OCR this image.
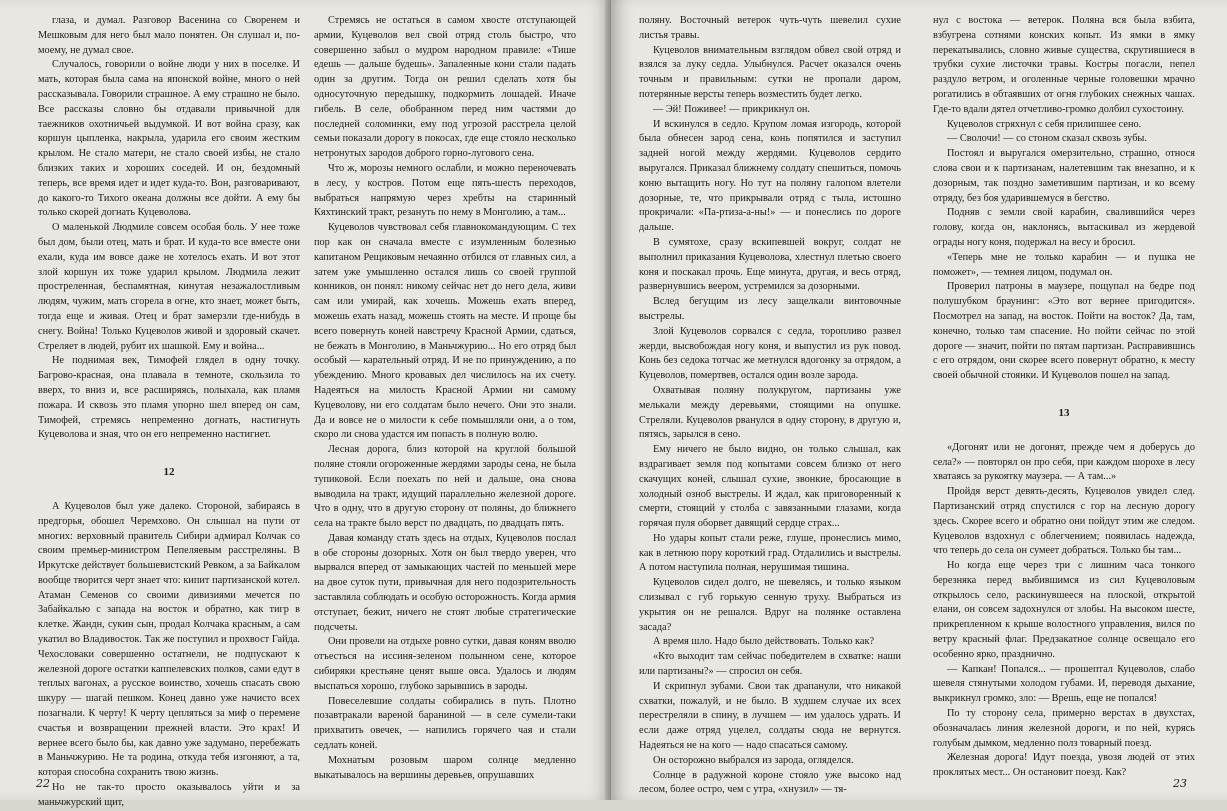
глаза, и думал. Разговор Васенина со Своренем и Мешковым для него был мало понятен. Он слушал и, по-моему, не думал свое.

Случалось, говорили о войне люди у них в поселке. И мать, которая была сама на японской войне, много о ней рассказывала. Говорили страшное. А ему страшно не было. Все рассказы словно бы отдавали привычной для таежников охотничьей выдумкой. И вот война сразу, как коршун цыпленка, накрыла, ударила его своим жестким крылом. Не стало матери, не стало своей избы, не стало близких таких и хороших соседей. И он, бездомный теперь, все время идет и идет куда-то. Вон, разговаривают, до какого-то Тихого океана должны все дойти. А ему бы только скорей догнать Куцеволова.

О маленькой Людмиле совсем особая боль. У нее тоже был дом, были отец, мать и брат. И куда-то все вместе они ехали, куда им вовсе даже не хотелось ехать. И вот этот злой коршун их тоже ударил крылом. Людмила лежит простреленная, беспамятная, кинутая незажалостливым людям, чужим, мать сгорела в огне, кто знает, может быть, тогда еще и живая. Отец и брат замерзли где-нибудь в снегу. Война! Только Куцеволов живой и здоровый скачет. Стреляет в людей, рубит их шашкой. Ему и война...

Не поднимая век, Тимофей глядел в одну точку. Багрово-красная, она плавала в темноте, скользила то вверх, то вниз и, все расширяясь, полыхала, как пламя пожара. И сквозь это пламя упорно шел вперед он сам, Тимофей, стремясь непременно догнать, настигнуть Куцеволова и зная, что он его непременно настигнет.

12

А Куцеволов был уже далеко. Стороной, забираясь в предгорья, обошел Черемхово. Он слышал на пути от многих: верховный правитель Сибири адмирал Колчак со своим премьер-министром Пепеляевым расстреляны. В Иркутске действует большевистский Ревком, а за Байкалом вообще творится черт знает что: кипит партизанской котел. Атаман Семенов со своими дивизиями мечется по Забайкалью с запада на восток и обратно, как тигр в клетке. Жандн, сукин сын, продал Колчака красным, а сам укатил во Владивосток. Так же поступил и прохвост Гайда. Чехословаки совершенно остатнели, не подпускают к железной дороге остатки каппелевских полков, сами едут в теплых вагонах, а русское воинство, хочешь спасать свою шкуру — шагай пешком. Конец давно уже начисто всех позагнали. К черту! К черту цепляться за миф о перемене счастья и возвращении прежней власти. Это крах! И вернее всего было бы, как давно уже задумано, перебежать в Маньчжурию. Не та родина, откуда тебя изгоняют, а та, которая способна сохранить твою жизнь.

Но не так-то просто оказывалось уйти и за маньчжурский щит,

Стремясь не остаться в самом хвосте отступающей армии, Куцеволов вел свой отряд столь быстро, что совершенно забыл о мудром народном правиле: «Тише едешь — дальше будешь». Запаленные кони стали падать один за другим. Тогда он решил сделать хотя бы односуточную передышку, подкормить лошадей. Иначе гибель. В селе, обобранном перед ним частями до последней соломинки, ему под угрозой расстрела целой семьи показали дорогу в покосах, где еще стояло несколько нетронутых зародов доброго горно-лугового сена.

Что ж, морозы немного ослабли, и можно переночевать в лесу, у костров. Потом еще пять-шесть переходов, выбраться напрямую через хребты на старинный Кяхтинский тракт, резануть по нему в Монголию, а там...

Куцеволов чувствовал себя главнокомандующим. С тех пор как он сначала вместе с изумленным болезнью капитаном Рещиковым нечаянно отбился от главных сил, а затем уже умышленно остался лишь со своей группой конников, он понял: никому сейчас нет до него дела, живи сам или умирай, как хочешь. Можешь ехать вперед, можешь ехать назад, можешь стоять на месте. И проще бы всего повернуть коней навстречу Красной Армии, сдаться, не бежать в Монголию, в Маньчжурию... Но его отряд был особый — карательный отряд. И не по принуждению, а по убеждению. Много кровавых дел числилось на их счету. Надеяться на милость Красной Армии ни самому Куцеволову, ни его солдатам было нечего. Они это знали. Да и вовсе не о милости к себе помышляли они, а о том, скоро ли снова удастся им попасть в полную волю.

Лесная дорога, близ которой на круглой большой поляне стояли огороженные жердями зароды сена, не была тупиковой. Если поехать по ней и дальше, она снова выводила на тракт, идущий параллельно железной дороге. Что в одну, что в другую сторону от поляны, до ближнего села на тракте было верст по двадцать, по двадцать пять.

Давая команду стать здесь на отдых, Куцеволов послал в обе стороны дозорных. Хотя он был твердо уверен, что вырвался вперед от замыкающих частей по меньшей мере на двое суток пути, привычная для него подозрительность заставляла соблюдать и особую осторожность. Когда армия отступает, бежит, ничего не стоят любые стратегические подсчеты.

Они провели на отдыхе ровно сутки, давая коням вволю отъесться на иссиня-зеленом полынном сене, которое сибиряки крестьяне ценят выше овса. Удалось и людям выспаться хорошо, глубоко зарывшись в зароды.

Повеселевшие солдаты собирались в путь. Плотно позавтракали вареной бараниной — в селе сумели-таки прихватить овечек, — напились горячего чая и стали седлать коней.

Мохнатым розовым шаром солнце медленно выкатывалось на вершины деревьев, опрушавших

22

поляну. Восточный ветерок чуть-чуть шевелил сухие листья травы.

Куцеволов внимательным взглядом обвел свой отряд и взялся за луку седла. Улыбнулся. Расчет оказался очень точным и правильным: сутки не пропали даром, потерянные версты теперь возместить будет легко.

— Эй! Поживее! — прикрикнул он.

И вскинулся в седло. Крупом ломая изгородь, которой была обнесен зарод сена, конь попятился и заступил задней ногой между жердями. Куцеволов сердито выругался. Приказал ближнему солдату спешиться, помочь коню вытащить ногу. Но тут на поляну галопом влетели дозорные, те, что прикрывали отряд с тыла, истошно прокричали: «Па-ртиза-а-ны!» — и понеслись по дороге дальше.

В сумятохе, сразу вскипевшей вокруг, солдат не выполнил приказания Куцеволова, хлестнул плетью своего коня и поскакал прочь. Еще минута, другая, и весь отряд, развернувшись веером, устремился за дозорными.

Вслед бегущим из лесу защелкали винтовочные выстрелы.

Злой Куцеволов сорвался с седла, торопливо развел жерди, высвобождая ногу коня, и выпустил из рук повод. Конь без седока тотчас же метнулся вдогонку за отрядом, а Куцеволов, помертвев, остался один возле зарода.

Охватывая поляну полукругом, партизаны уже мелькали между деревьями, стоящими на опушке. Стреляли. Куцеволов рванулся в одну сторону, в другую и, пятясь, зарылся в сено.

Ему ничего не было видно, он только слышал, как вздрагивает земля под копытами совсем близко от него скачущих коней, слышал сухие, звонкие, бросающие в холодный озноб выстрелы. И ждал, как приговоренный к смерти, стоящий у столба с завязанными глазами, когда горячая пуля оборвет давящий сердце страх...

Но удары копыт стали реже, глуше, пронеслись мимо, как в летнюю пору короткий град. Отдалились и выстрелы. А потом наступила полная, нерушимая тишина.

Куцеволов сидел долго, не шевелясь, и только языком слизывал с губ горькую сенную труху. Выбраться из укрытия он не решался. Вдруг на полянке оставлена засада?

А время шло. Надо было действовать. Только как?

«Кто выходит там сейчас победителем в схватке: наши или партизаны?» — спросил он себя.

И скрипнул зубами. Свои так драпанули, что никакой схватки, пожалуй, и не было. В худшем случае их всех перестреляли в спину, в лучшем — им удалось удрать. И если даже отряд уцелел, солдаты сюда не вернутся. Надеяться не на кого — надо спасаться самому.

Он осторожно выбрался из зарода, огляделся.

Солнце в радужной короне стояло уже высоко над лесом, более остро, чем с утра, «хнузил» — тя-

нул с востока — ветерок. Поляна вся была взбита, взбугрена сотнями конских копыт. Из ямки в ямку перекатывались, словно живые существа, скрутившиеся в трубки сухие листочки травы. Костры погасли, пепел раздуло ветром, и оголенные черные головешки мрачно рогатились в обтаявших от огня глубоких снежных чашах. Где-то вдали дятел отчетливо-громко долбил сухостоину.

Куцеволов стряхнул с себя прилипшее сено.

— Сволочи! — со стоном сказал сквозь зубы.

Постоял и выругался омерзительно, страшно, относя слова свои и к партизанам, налетевшим так внезапно, и к дозорным, так поздно заметившим партизан, и ко всему отряду, без боя ударившемуся в бегство.

Подняв с земли свой карабин, свалившийся через голову, когда он, наклонясь, вытаскивал из жердевой ограды ногу коня, подержал на весу и бросил.

«Теперь мне не только карабин — и пушка не поможет», — темнея лицом, подумал он.

Проверил патроны в маузере, пощупал на бедре под полушубком браунинг: «Это вот вернее пригодится». Посмотрел на запад, на восток. Пойти на восток? Да, там, конечно, только там спасение. Но пойти сейчас по этой дороге — значит, пойти по пятам партизан. Расправившись с его отрядом, они скорее всего повернут обратно, к месту своей обычной стоянки. И Куцеволов пошел на запад.

13

«Догонят или не догонят, прежде чем я доберусь до села?» — повторял он про себя, при каждом шорохе в лесу хватаясь за рукоятку маузера. — А там...»

Пройдя верст девять-десять, Куцеволов увидел след. Партизанский отряд спустился с гор на лесную дорогу здесь. Скорее всего и обратно они пойдут этим же следом. Куцеволов вздохнул с облегчением; появилась надежда, что теперь до села он сумеет добраться. Только бы там...

Но когда еще через три с лишним часа тонкого березняка перед выбившимся из сил Куцеволовым открылось село, раскинувшееся на плоской, открытой елани, он совсем задохнулся от злобы. На высоком шесте, прикрепленном к крыше волостного управления, вился по ветру красный флаг. Предзакатное солнце освещало его особенно ярко, празднично.

— Капкан! Попался... — прошептал Куцеволов, слабо шевеля стянутыми холодом губами. И, переводя дыхание, выкрикнул громко, зло: — Врешь, еще не попался!

По ту сторону села, примерно верстах в двухстах, обозначалась линия железной дороги, и по ней, курясь голубым дымком, медленно полз товарный поезд.

Железная дорога! Идут поезда, увозя людей от этих проклятых мест... Он остановит поезд. Как?

23
